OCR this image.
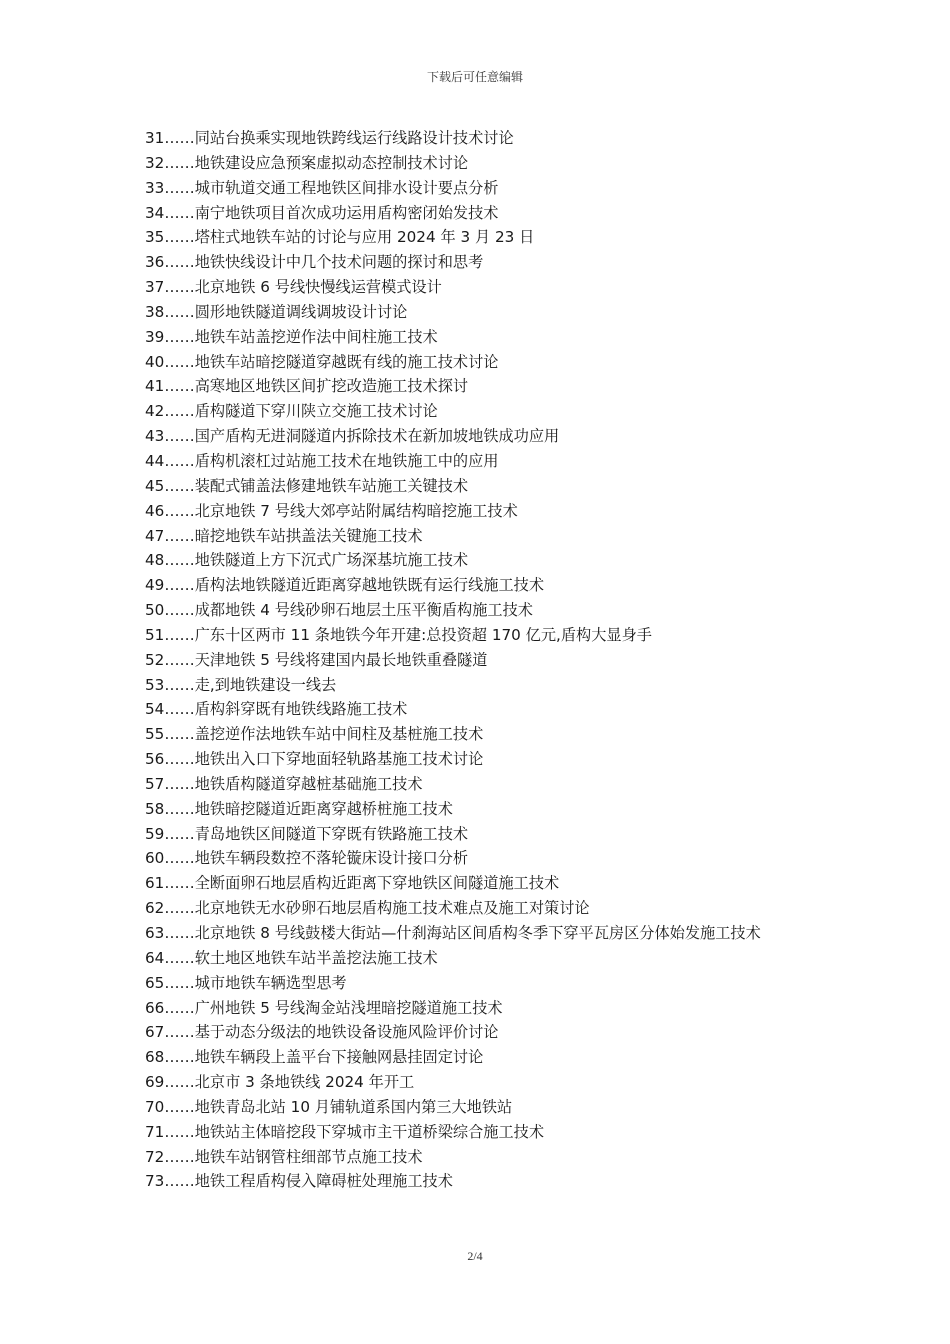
下载后可任意编辑
31……同站台换乘实现地铁跨线运行线路设计技术讨论
32……地铁建设应急预案虚拟动态控制技术讨论
33……城市轨道交通工程地铁区间排水设计要点分析
34……南宁地铁项目首次成功运用盾构密闭始发技术
35……塔柱式地铁车站的讨论与应用 2024 年 3 月 23 日
36……地铁快线设计中几个技术问题的探讨和思考
37……北京地铁 6 号线快慢线运营模式设计
38……圆形地铁隧道调线调坡设计讨论
39……地铁车站盖挖逆作法中间柱施工技术
40……地铁车站暗挖隧道穿越既有线的施工技术讨论
41……高寒地区地铁区间扩挖改造施工技术探讨
42……盾构隧道下穿川陕立交施工技术讨论
43……国产盾构无进洞隧道内拆除技术在新加坡地铁成功应用
44……盾构机滚杠过站施工技术在地铁施工中的应用
45……装配式铺盖法修建地铁车站施工关键技术
46……北京地铁 7 号线大郊亭站附属结构暗挖施工技术
47……暗挖地铁车站拱盖法关键施工技术
48……地铁隧道上方下沉式广场深基坑施工技术
49……盾构法地铁隧道近距离穿越地铁既有运行线施工技术
50……成都地铁 4 号线砂卵石地层土压平衡盾构施工技术
51……广东十区两市 11 条地铁今年开建:总投资超 170 亿元,盾构大显身手
52……天津地铁 5 号线将建国内最长地铁重叠隧道
53……走,到地铁建设一线去
54……盾构斜穿既有地铁线路施工技术
55……盖挖逆作法地铁车站中间柱及基桩施工技术
56……地铁出入口下穿地面轻轨路基施工技术讨论
57……地铁盾构隧道穿越桩基础施工技术
58……地铁暗挖隧道近距离穿越桥桩施工技术
59……青岛地铁区间隧道下穿既有铁路施工技术
60……地铁车辆段数控不落轮镟床设计接口分析
61……全断面卵石地层盾构近距离下穿地铁区间隧道施工技术
62……北京地铁无水砂卵石地层盾构施工技术难点及施工对策讨论
63……北京地铁 8 号线鼓楼大街站—什刹海站区间盾构冬季下穿平瓦房区分体始发施工技术
64……软土地区地铁车站半盖挖法施工技术
65……城市地铁车辆选型思考
66……广州地铁 5 号线淘金站浅埋暗挖隧道施工技术
67……基于动态分级法的地铁设备设施风险评价讨论
68……地铁车辆段上盖平台下接触网悬挂固定讨论
69……北京市 3 条地铁线 2024 年开工
70……地铁青岛北站 10 月铺轨道系国内第三大地铁站
71……地铁站主体暗挖段下穿城市主干道桥梁综合施工技术
72……地铁车站钢管柱细部节点施工技术
73……地铁工程盾构侵入障碍桩处理施工技术
2/4
